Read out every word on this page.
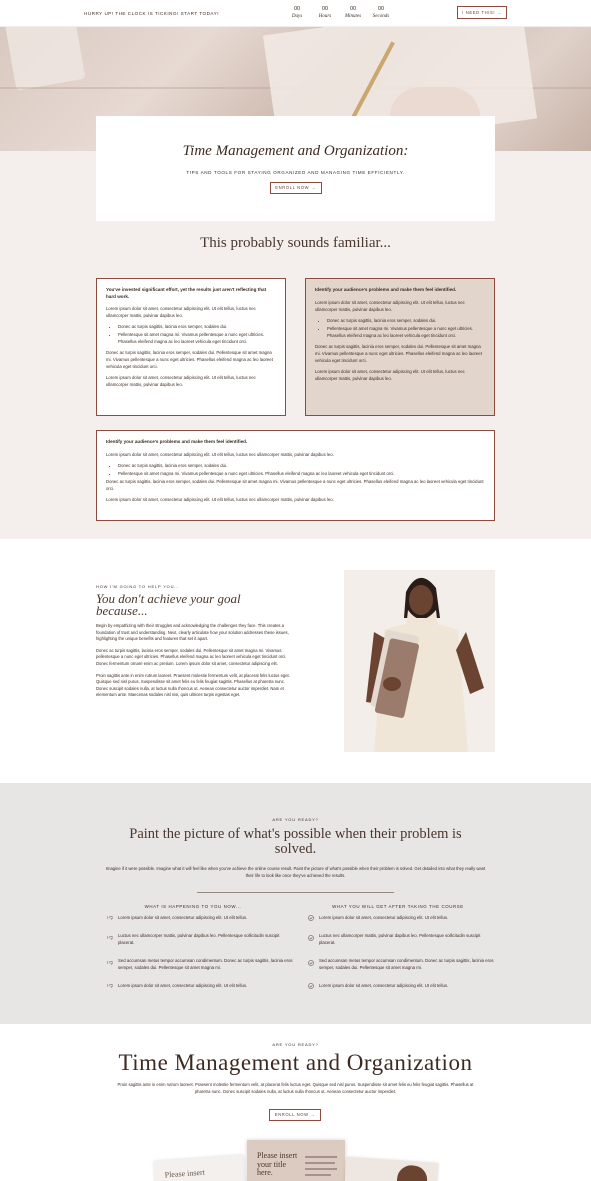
HURRY UP! THE CLOCK IS TICKING! START TODAY!
00
Days
00
Hours
00
Minutes
00
Seconds
I NEED THIS! →
Time Management and Organization:

TIPS AND TOOLS FOR STAYING ORGANIZED AND MANAGING TIME EFFICIENTLY.

ENROLL NOW →
This probably sounds familiar...
You've invested significant effort, yet the results just aren't reflecting that hard work.

Lorem ipsum dolor sit amet, consectetur adipiscing elit. Ut elit tellus, luctus nec ullamcorper mattis, pulvinar dapibus leo.

• Donec ac turpis sagittis, lacinia eros semper, sodales dui.
• Pellentesque sit amet magna mi. Vivamus pellentesque a nunc eget ultricies. Phasellus eleifend magna ac leo laoreet vehicula eget tincidunt orci.

Donec ac turpis sagittis, lacinia eros semper, sodales dui. Pellentesque sit amet magna mi. Vivamus pellentesque a nunc eget ultricies. Phasellus eleifend magna ac leo laoreet vehicula eget tincidunt orci.

Lorem ipsum dolor sit amet, consectetur adipiscing elit. Ut elit tellus, luctus nec ullamcorper mattis, pulvinar dapibus leo.

Identify your audience's problems and make them feel identified.

Lorem ipsum dolor sit amet, consectetur adipiscing elit. Ut elit tellus, luctus nec ullamcorper mattis, pulvinar dapibus leo.

• Donec ac turpis sagittis, lacinia eros semper, sodales dui.
• Pellentesque sit amet magna mi. Vivamus pellentesque a nunc eget ultricies. Phasellus eleifend magna ac leo laoreet vehicula eget tincidunt orci.

Donec ac turpis sagittis, lacinia eros semper, sodales dui. Pellentesque sit amet magna mi. Vivamus pellentesque a nunc eget ultricies. Phasellus eleifend magna ac leo laoreet vehicula eget tincidunt orci.

Lorem ipsum dolor sit amet, consectetur adipiscing elit. Ut elit tellus, luctus nec ullamcorper mattis, pulvinar dapibus leo.

Identify your audience's problems and make them feel identified.

Lorem ipsum dolor sit amet, consectetur adipiscing elit. Ut elit tellus, luctus nec ullamcorper mattis, pulvinar dapibus leo.

• Donec ac turpis sagittis, lacinia eros semper, sodales dui.
• Pellentesque sit amet magna mi. Vivamus pellentesque a nunc eget ultricies. Phasellus eleifend magna ac leo laoreet vehicula eget tincidunt orci.

Donec ac turpis sagittis, lacinia eros semper, sodales dui. Pellentesque sit amet magna mi. Vivamus pellentesque a nunc eget ultricies. Phasellus eleifend magna ac leo laoreet vehicula eget tincidunt orci.

Lorem ipsum dolor sit amet, consectetur adipiscing elit. Ut elit tellus, luctus nec ullamcorper mattis, pulvinar dapibus leo.

HOW I'M GOING TO HELP YOU...
You don't achieve your goal
because...

Begin by empathizing with their struggles and acknowledging the challenges they face. This creates a foundation of trust and understanding. Next, clearly articulate how your solution addresses these issues, highlighting the unique benefits and features that set it apart.

Donec ac turpis sagittis, lacinia eros semper, sodales dui. Pellentesque sit amet magna mi. Vivamus pellentesque a nunc eget ultricies. Phasellus eleifend magna ac leo laoreet vehicula eget tincidunt orci. Donec fermentum ornare enim ac pretium. Lorem ipsum dolor sit amet, consectetur adipiscing elit.

Proin sagittis ante in enim rutrum laoreet. Praesent molestie fermentum velit, at placerat felis luctus eget. Quisque sed nisl purus. Suspendisse sit amet felis eu felis feugiat sagittis. Phasellus at pharetra nunc. Donec suscipit sodales nulla, at luctus nulla rhoncus ut. Aenean consectetur auctor imperdiet. Nam et elementum ante. Maecenas sodales nisl nisi, quis ultrices turpis egestas eget.

ARE YOU READY?
Paint the picture of what's possible when their problem is
solved.
Imagine if it were possible. Imagine what it will feel like when you've achieve the online course result. Paint the picture of what's possible when their problem is solved. Get detailed into what they really want their life to look like once they've achieved the results.
WHAT IS HAPPENING TO YOU NOW...	WHAT YOU WILL GET AFTER TAKING THE COURSE
👎︎ Lorem ipsum dolor sit amet, consectetur adipiscing elit. Ut elit tellus.
👎︎ Luctus nec ullamcorper mattis, pulvinar dapibus leo. Pellentesque sollicitudin suscipit placerat.
👎︎ Sed accumsan metus tempor accumsan condimentum. Donec ac turpis sagittis, lacinia eros semper, sodales dui. Pellentesque sit amet magna mi.
👎︎ Lorem ipsum dolor sit amet, consectetur adipiscing elit. Ut elit tellus.
Lorem ipsum dolor sit amet, consectetur adipiscing elit. Ut elit tellus.
Luctus nec ullamcorper mattis, pulvinar dapibus leo. Pellentesque sollicitudin suscipit placerat.
Sed accumsan metus tempor accumsan condimentum. Donec ac turpis sagittis, lacinia eros semper, sodales dui. Pellentesque sit amet magna mi.
Lorem ipsum dolor sit amet, consectetur adipiscing elit. Ut elit tellus.
ARE YOU READY?
Time Management and Organization
Proin sagittis ante in enim rutrum laoreet. Praesent molestie fermentum velit, at placerat felis luctus eget. Quisque sed nisl purus. Suspendisse sit amet felis eu felis feugiat sagittis. Phasellus at pharetra nunc. Donec suscipit sodales nulla, at luctus nulla rhoncus ut. Aenean consectetur auctor imperdiet.
ENROLL NOW →
Please insert
Please insert your title here.
